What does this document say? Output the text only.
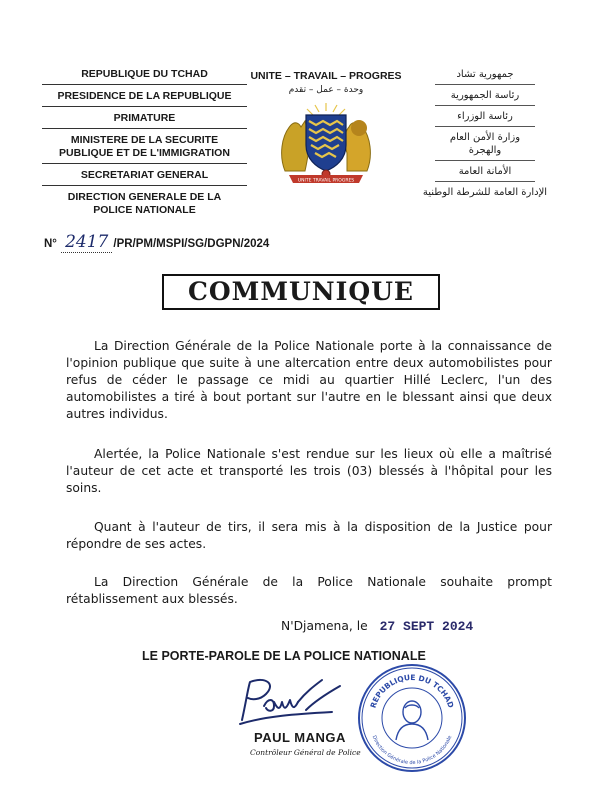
REPUBLIQUE DU TCHAD
PRESIDENCE DE LA REPUBLIQUE
PRIMATURE
MINISTERE DE LA SECURITE
PUBLIQUE ET DE L'IMMIGRATION
SECRETARIAT GENERAL
DIRECTION GENERALE DE LA
POLICE NATIONALE
UNITE – TRAVAIL – PROGRES
وحدة – عمل – تقدم
UNITE TRAVAIL PROGRES
جمهورية تشاد
رئاسة الجمهورية
رئاسة الوزراء
وزارة الأمن العام والهجرة
الأمانة العامة
الإدارة العامة للشرطة الوطنية
N° 2417 /PR/PM/MSPI/SG/DGPN/2024
COMMUNIQUE
La Direction Générale de la Police Nationale porte à la connaissance de l'opinion publique que suite à une altercation entre deux automobilistes pour refus de céder le passage ce midi au quartier Hillé Leclerc, l'un des automobilistes a tiré à bout portant sur l'autre en le blessant ainsi que deux autres individus.
Alertée, la Police Nationale s'est rendue sur les lieux où elle a maîtrisé l'auteur de cet acte et transporté les trois (03) blessés à l'hôpital pour les soins.
Quant à l'auteur de tirs, il sera mis à la disposition de la Justice pour répondre de ses actes.
La Direction Générale de la Police Nationale souhaite prompt rétablissement aux blessés.
N'Djamena, le 27 SEPT 2024
LE PORTE-PAROLE DE LA POLICE NATIONALE
PAUL MANGA
Contrôleur Général de Police
REPUBLIQUE DU TCHAD
Direction Générale de la Police Nationale
